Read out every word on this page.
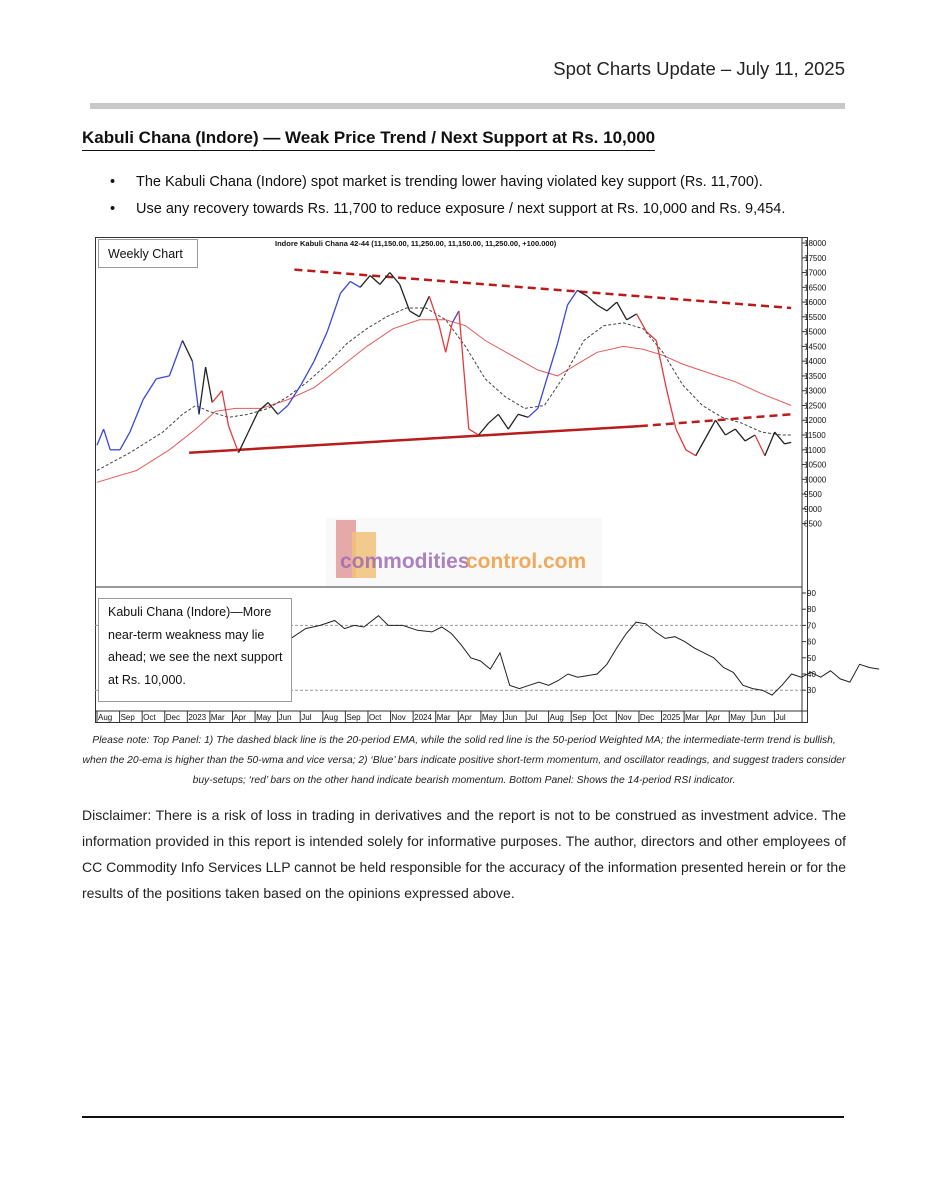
Spot Charts Update – July 11, 2025
Kabuli Chana (Indore) — Weak Price Trend / Next Support at Rs. 10,000
• The Kabuli Chana (Indore) spot market is trending lower having violated key support (Rs. 11,700).
• Use any recovery towards Rs. 11,700 to reduce exposure / next support at Rs. 10,000 and Rs. 9,454.
Indore Kabuli Chana 42-44 (11,150.00, 11,250.00, 11,150.00, 11,250.00, +100.000)	18000
17500
17000
16500
16000
15500
15000
14500
14000
13500
13000
12500
12000
11500
11000
10500
10000
9500
9000
8500
90
80
70
60
50
40
30
Aug Sep Oct Dec 2023 Mar Apr May Jun Jul Aug Sep Oct Nov 2024 Mar Apr May Jun Jul Aug Sep Oct Nov Dec 2025 Mar Apr May Jun Jul
commodities
control.com
Weekly Chart
Kabuli Chana (Indore)—More near-term weakness may lie ahead; we see the next support at Rs. 10,000.
Please note: Top Panel: 1) The dashed black line is the 20-period EMA, while the solid red line is the 50-period Weighted MA; the intermediate-term trend is bullish, when the 20-ema is higher than the 50-wma and vice versa; 2) ‘Blue’ bars indicate positive short-term momentum, and oscillator readings, and suggest traders consider buy-setups; ‘red’ bars on the other hand indicate bearish momentum. Bottom Panel: Shows the 14-period RSI indicator.
Disclaimer: There is a risk of loss in trading in derivatives and the report is not to be construed as investment advice. The information provided in this report is intended solely for informative purposes. The author, directors and other employees of CC Commodity Info Services LLP cannot be held responsible for the accuracy of the information presented herein or for the results of the positions taken based on the opinions expressed above.
